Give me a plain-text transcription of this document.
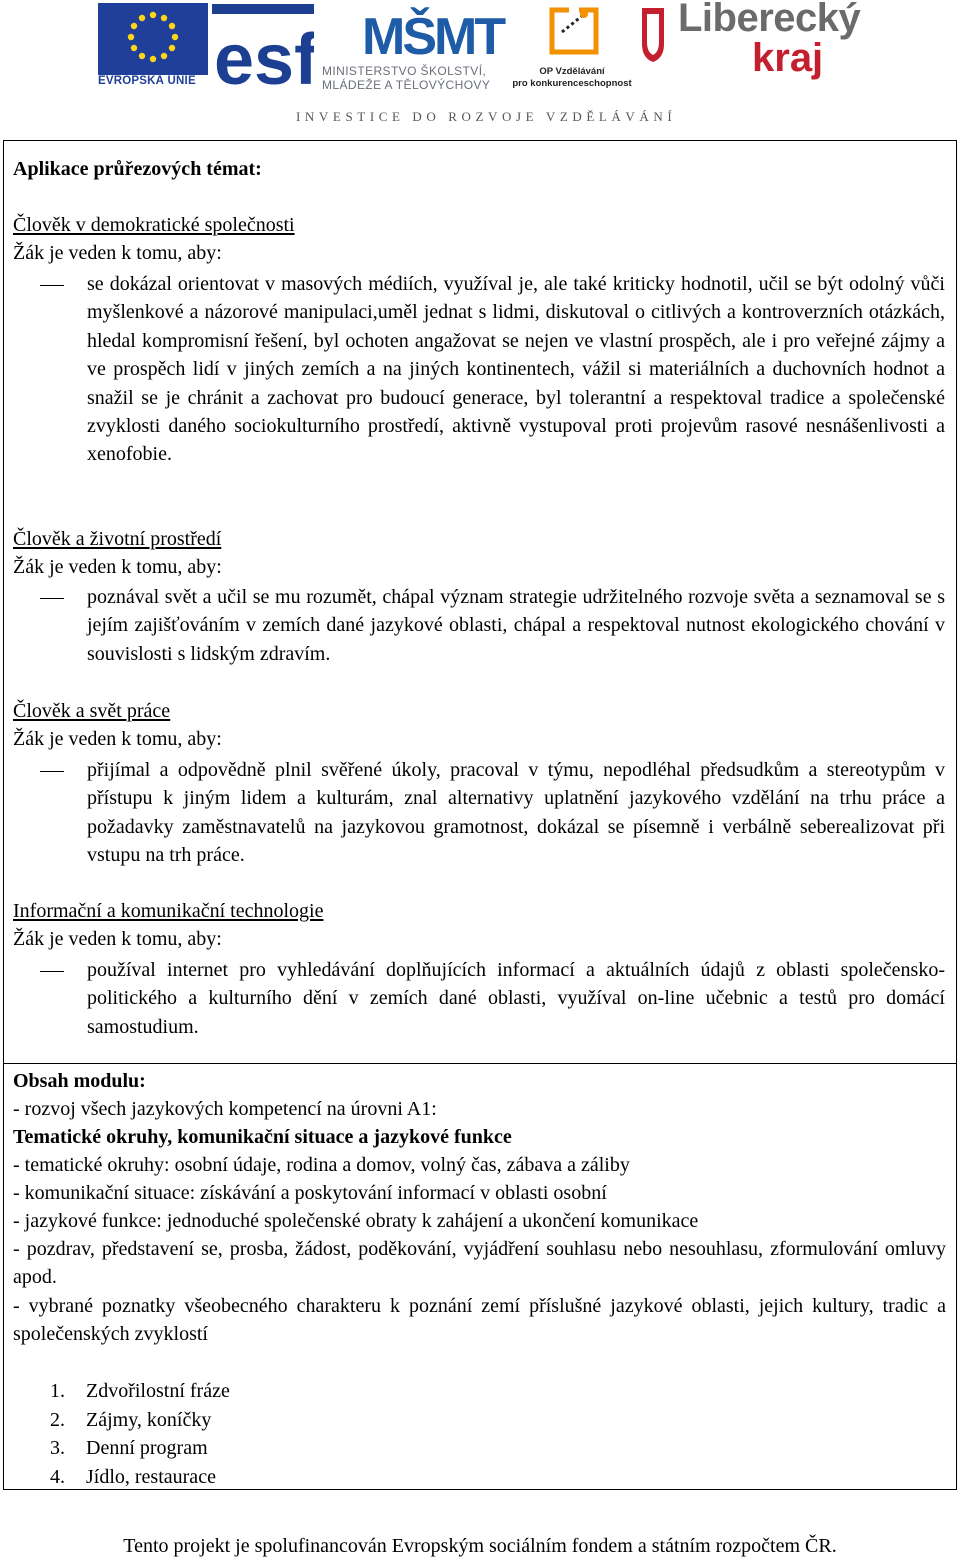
EVROPSKÁ UNIE esf MŠMT
MINISTERSTVO ŠKOLSTVÍ,
MLÁDEŽE A TĚLOVÝCHOVY
OP Vzdělávání
pro konkurenceschopnost
Liberecký
kraj
INVESTICE DO ROZVOJE VZDĚLÁVÁNÍ
Aplikace průřezových témat:
Člověk v demokratické společnosti
Žák je veden k tomu, aby:
se dokázal orientovat v masových médiích, využíval je, ale také kriticky hodnotil, učil se být odolný vůči myšlenkové a názorové manipulaci,uměl jednat s lidmi, diskutoval o citlivých a kontroverzních otázkách, hledal kompromisní řešení, byl ochoten angažovat se nejen ve vlastní prospěch, ale i pro veřejné zájmy a ve prospěch lidí v jiných zemích a na jiných kontinentech, vážil si materiálních a duchovních hodnot a snažil se je chránit a zachovat pro budoucí generace, byl tolerantní a respektoval tradice a společenské zvyklosti daného sociokulturního prostředí, aktivně vystupoval proti projevům rasové nesnášenlivosti a xenofobie.
Člověk a životní prostředí
Žák je veden k tomu, aby:
poznával svět a učil se mu rozumět, chápal význam strategie udržitelného rozvoje světa a seznamoval se s jejím zajišťováním v zemích dané jazykové oblasti, chápal a respektoval nutnost ekologického chování v souvislosti s lidským zdravím.
Člověk a svět práce
Žák je veden k tomu, aby:
přijímal a odpovědně plnil svěřené úkoly, pracoval v týmu, nepodléhal předsudkům a stereotypům v přístupu k jiným lidem a kulturám, znal alternativy uplatnění jazykového vzdělání na trhu práce a požadavky zaměstnavatelů na jazykovou gramotnost, dokázal se písemně i verbálně seberealizovat při vstupu na trh práce.
Informační a komunikační technologie
Žák je veden k tomu, aby:
používal internet pro vyhledávání doplňujících informací a aktuálních údajů z oblasti společensko-politického a kulturního dění v zemích dané oblasti, využíval on-line učebnic a testů pro domácí samostudium.
Obsah modulu:
- rozvoj všech jazykových kompetencí na úrovni A1:
Tematické okruhy, komunikační situace a jazykové funkce
- tematické okruhy: osobní údaje, rodina a domov, volný čas, zábava a záliby
- komunikační situace: získávání a poskytování informací v oblasti osobní
- jazykové funkce: jednoduché společenské obraty k zahájení a ukončení komunikace
- pozdrav, představení se, prosba, žádost, poděkování, vyjádření souhlasu nebo nesouhlasu, zformulování omluvy apod.
- vybrané poznatky všeobecného charakteru k poznání zemí příslušné jazykové oblasti, jejich kultury, tradic a společenských zvyklostí
1. Zdvořilostní fráze
2. Zájmy, koníčky
3. Denní program
4. Jídlo, restaurace
Tento projekt je spolufinancován Evropským sociálním fondem a státním rozpočtem ČR.
